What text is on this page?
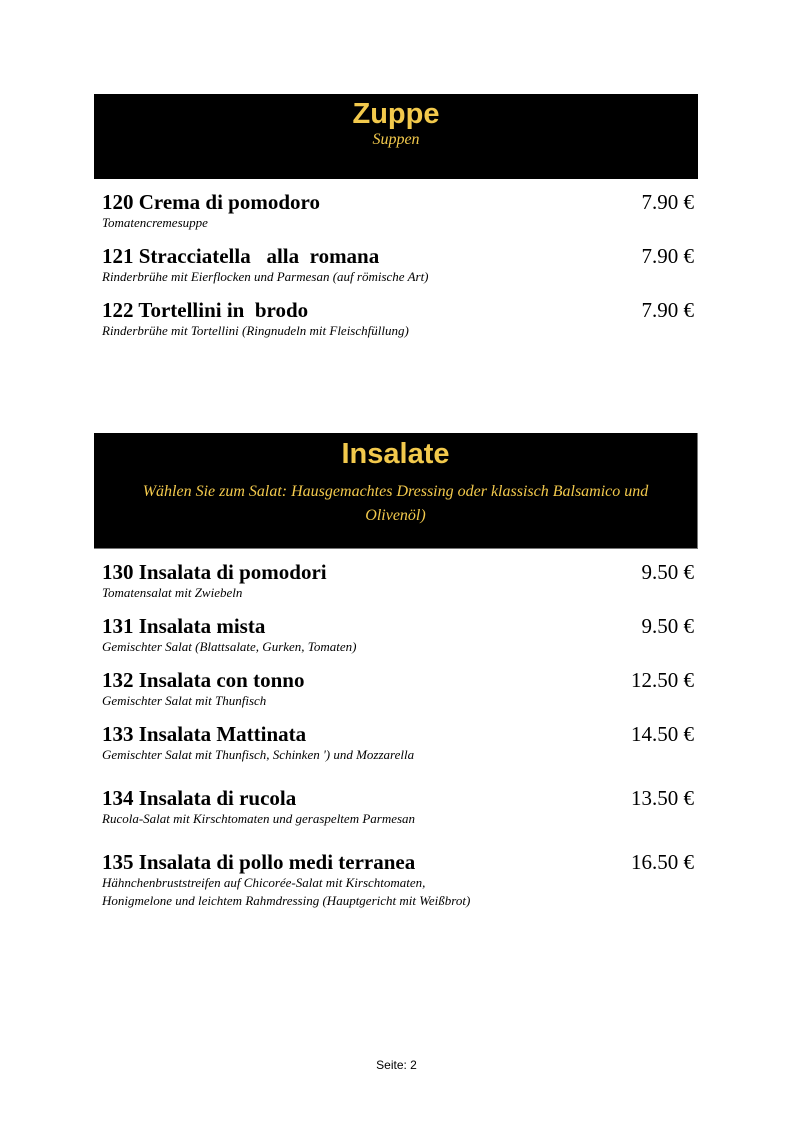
Zuppe
Suppen
120 Crema di pomodoro	7.90 €
Tomatencremesuppe
121 Stracciatella   alla  romana	7.90 €
Rinderbrühe mit Eierflocken und Parmesan (auf römische Art)
122 Tortellini in  brodo	7.90 €
Rinderbrühe mit Tortellini (Ringnudeln mit Fleischfüllung)
Insalate
Wählen Sie zum Salat: Hausgemachtes Dressing oder klassisch Balsamico und Olivenöl)
130 Insalata di pomodori	9.50 €
Tomatensalat mit Zwiebeln
131 Insalata mista	9.50 €
Gemischter Salat (Blattsalate, Gurken, Tomaten)
132 Insalata con tonno	12.50 €
Gemischter Salat mit Thunfisch
133 Insalata Mattinata	14.50 €
Gemischter Salat mit Thunfisch, Schinken ') und Mozzarella
134 Insalata di rucola	13.50 €
Rucola-Salat mit Kirschtomaten und geraspeltem Parmesan
135 Insalata di pollo medi terranea	16.50 €
Hähnchenbruststreifen auf Chicorée-Salat mit Kirschtomaten,
Honigmelone und leichtem Rahmdressing (Hauptgericht mit Weißbrot)
Seite: 2
